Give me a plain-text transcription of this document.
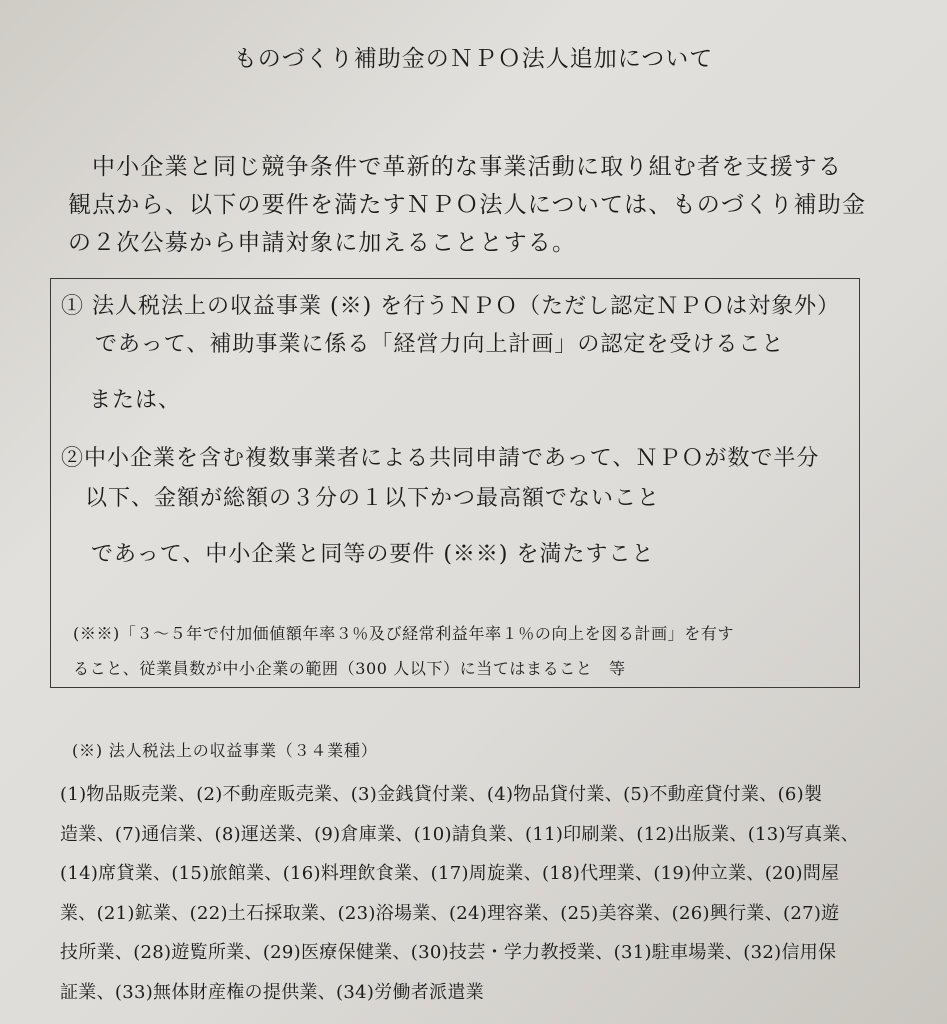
ものづくり補助金のＮＰＯ法人追加について

中小企業と同じ競争条件で革新的な事業活動に取り組む者を支援する

観点から、以下の要件を満たすＮＰＯ法人については、ものづくり補助金

の２次公募から申請対象に加えることとする。

① 法人税法上の収益事業 (※) を行うＮＰＯ（ただし認定ＮＰＯは対象外）
であって、補助事業に係る「経営力向上計画」の認定を受けること
または、
②中小企業を含む複数事業者による共同申請であって、ＮＰＯが数で半分
以下、金額が総額の３分の１以下かつ最高額でないこと
であって、中小企業と同等の要件 (※※) を満たすこと
(※※)「３～５年で付加価値額年率３％及び経常利益年率１％の向上を図る計画」を有す
ること、従業員数が中小企業の範囲（300 人以下）に当てはまること　等
(※) 法人税法上の収益事業（３４業種）

(1)物品販売業、(2)不動産販売業、(3)金銭貸付業、(4)物品貸付業、(5)不動産貸付業、(6)製

造業、(7)通信業、(8)運送業、(9)倉庫業、(10)請負業、(11)印刷業、(12)出版業、(13)写真業、

(14)席貸業、(15)旅館業、(16)料理飲食業、(17)周旋業、(18)代理業、(19)仲立業、(20)問屋

業、(21)鉱業、(22)土石採取業、(23)浴場業、(24)理容業、(25)美容業、(26)興行業、(27)遊

技所業、(28)遊覧所業、(29)医療保健業、(30)技芸・学力教授業、(31)駐車場業、(32)信用保

証業、(33)無体財産権の提供業、(34)労働者派遣業
